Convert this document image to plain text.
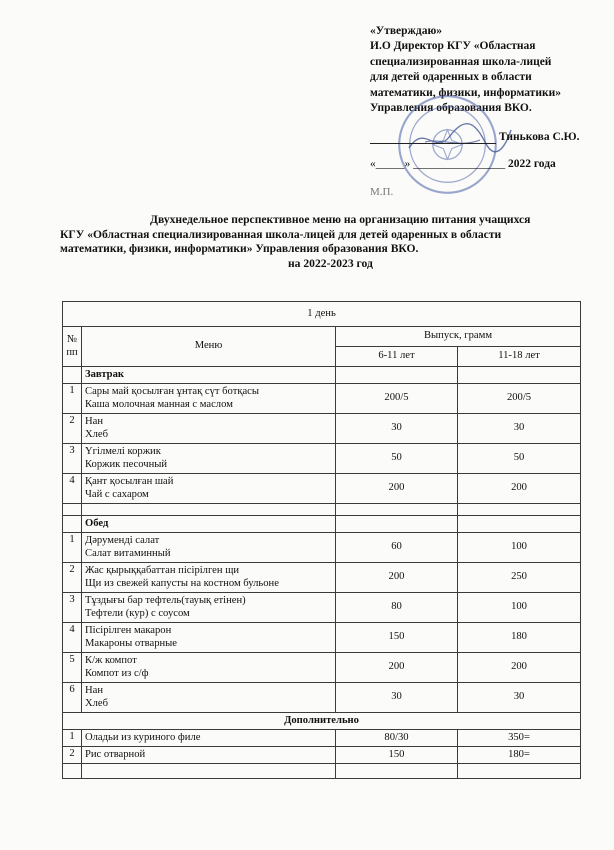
«Утверждаю»
И.О Директор КГУ «Областная
специализированная школа-лицей
для детей одаренных в области
математики, физики, информатики»
Управления образования ВКО.
Тинькова С.Ю.
«_____» ________________ 2022 года
М.П.
Двухнедельное перспективное меню на организацию питания учащихся
КГУ «Областная специализированная школа-лицей для детей одаренных в области
математики, физики, информатики» Управления образования ВКО.
на 2022-2023 год
1 день			
№ пп	Меню	Выпуск, грамм	
		6-11 лет	11-18 лет
	Завтрак		
1	Сары май қосылған ұнтақ сүт ботқасы
Каша молочная манная с маслом	200/5	200/5
2	Нан
Хлеб	30	30
3	Үгілмелі коржик
Коржик песочный	50	50
4	Қант қосылған шай
Чай с сахаром	200	200

	Обед		
1	Дәруменді салат
Салат витаминный	60	100
2	Жас қырыққабаттан пісірілген щи
Щи из свежей капусты на костном бульоне	200	250
3	Тұздығы бар тефтель(тауық етінен)
Тефтели (кур) с соусом	80	100
4	Пісірілген макарон
Макароны отварные	150	180
5	К/ж компот
Компот из с/ф	200	200
6	Нан
Хлеб	30	30
Дополнительно			
1	Оладьи из куриного филе	80/30	350=
2	Рис отварной	150	180=
